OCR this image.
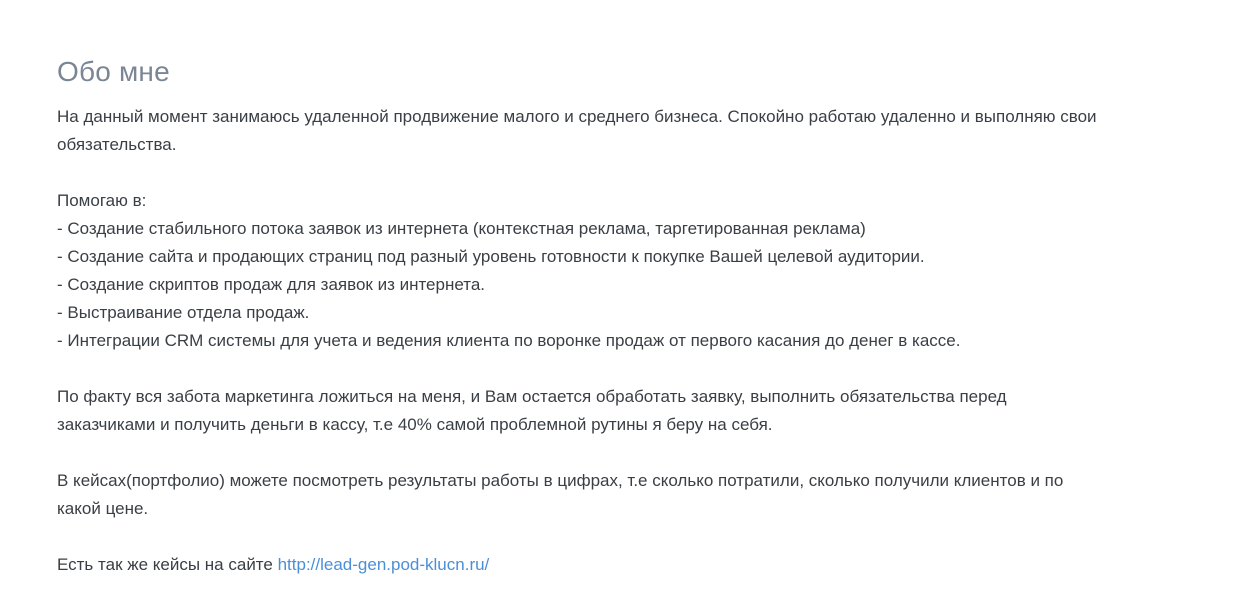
Обо мне

На данный момент занимаюсь удаленной продвижение малого и среднего бизнеса. Спокойно работаю удаленно и выполняю свои
обязательства.

Помогаю в:
- Создание стабильного потока заявок из интернета (контекстная реклама, таргетированная реклама)
- Создание сайта и продающих страниц под разный уровень готовности к покупке Вашей целевой аудитории.
- Создание скриптов продаж для заявок из интернета.
- Выстраивание отдела продаж.
- Интеграции CRM системы для учета и ведения клиента по воронке продаж от первого касания до денег в кассе.

По факту вся забота маркетинга ложиться на меня, и Вам остается обработать заявку, выполнить обязательства перед
заказчиками и получить деньги в кассу, т.е 40% самой проблемной рутины я беру на себя.

В кейсах(портфолио) можете посмотреть результаты работы в цифрах, т.е сколько потратили, сколько получили клиентов и по
какой цене.

Есть так же кейсы на сайте http://lead-gen.pod-klucn.ru/
